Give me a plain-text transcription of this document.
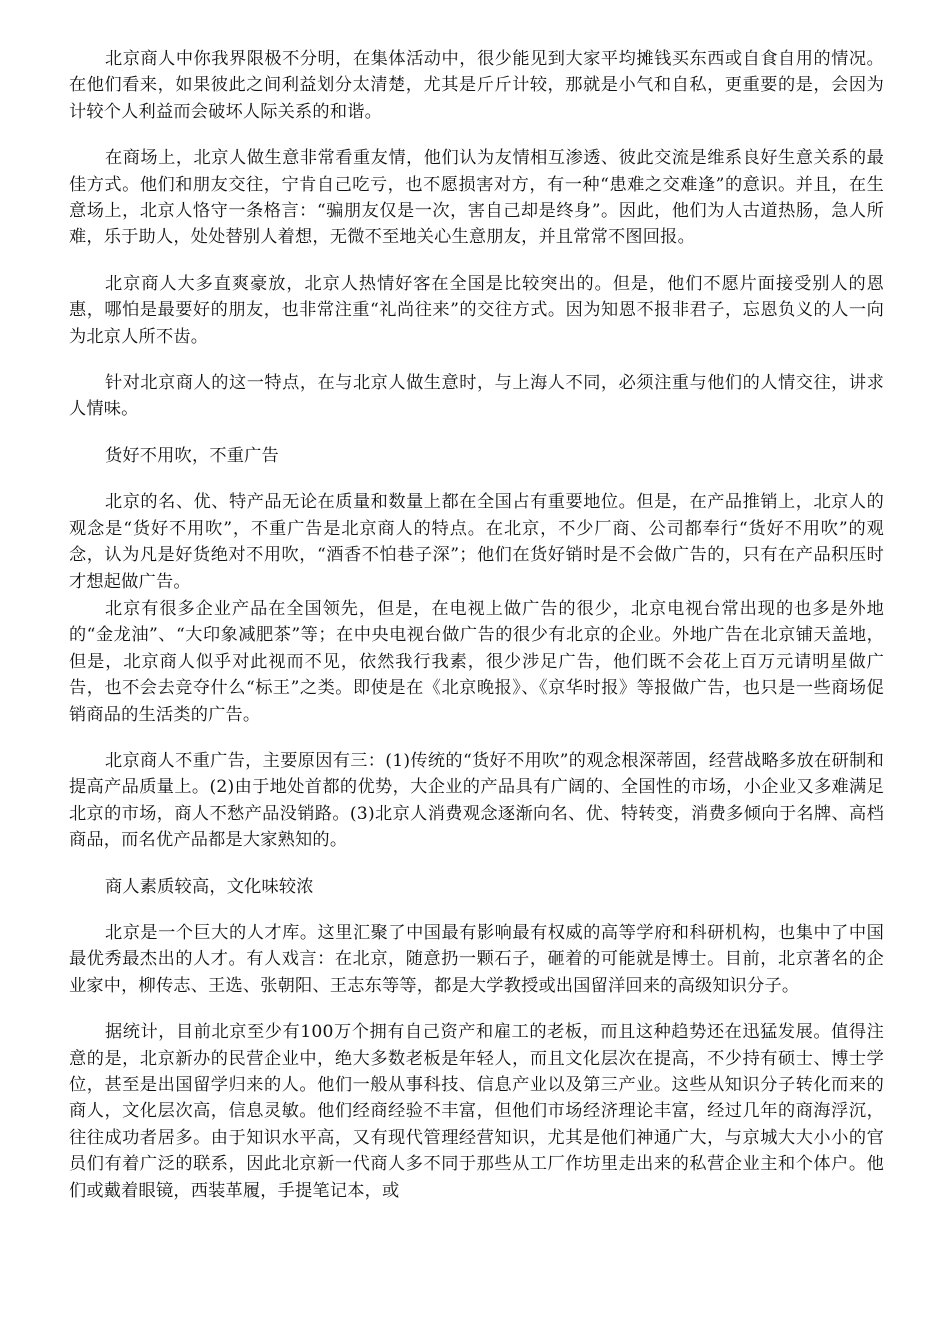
北京商人中你我界限极不分明，在集体活动中，很少能见到大家平均摊钱买东西或自食自用的情况。在他们看来，如果彼此之间利益划分太清楚，尤其是斤斤计较，那就是小气和自私，更重要的是，会因为计较个人利益而会破坏人际关系的和谐。

在商场上，北京人做生意非常看重友情，他们认为友情相互渗透、彼此交流是维系良好生意关系的最佳方式。他们和朋友交往，宁肯自己吃亏，也不愿损害对方，有一种“患难之交难逢”的意识。并且，在生意场上，北京人恪守一条格言：“骗朋友仅是一次，害自己却是终身”。因此，他们为人古道热肠，急人所难，乐于助人，处处替别人着想，无微不至地关心生意朋友，并且常常不图回报。

北京商人大多直爽豪放，北京人热情好客在全国是比较突出的。但是，他们不愿片面接受别人的恩惠，哪怕是最要好的朋友，也非常注重“礼尚往来”的交往方式。因为知恩不报非君子，忘恩负义的人一向为北京人所不齿。

针对北京商人的这一特点，在与北京人做生意时，与上海人不同，必须注重与他们的人情交往，讲求人情味。

货好不用吹，不重广告

北京的名、优、特产品无论在质量和数量上都在全国占有重要地位。但是，在产品推销上，北京人的观念是“货好不用吹”，不重广告是北京商人的特点。在北京，不少厂商、公司都奉行“货好不用吹”的观念，认为凡是好货绝对不用吹，“酒香不怕巷子深”；他们在货好销时是不会做广告的，只有在产品积压时才想起做广告。

北京有很多企业产品在全国领先，但是，在电视上做广告的很少，北京电视台常出现的也多是外地的“金龙油”、“大印象减肥茶”等；在中央电视台做广告的很少有北京的企业。外地广告在北京铺天盖地，但是，北京商人似乎对此视而不见，依然我行我素，很少涉足广告，他们既不会花上百万元请明星做广告，也不会去竞夺什么“标王”之类。即使是在《北京晚报》、《京华时报》等报做广告，也只是一些商场促销商品的生活类的广告。

北京商人不重广告，主要原因有三：(1)传统的“货好不用吹”的观念根深蒂固，经营战略多放在研制和提高产品质量上。(2)由于地处首都的优势，大企业的产品具有广阔的、全国性的市场，小企业又多难满足北京的市场，商人不愁产品没销路。(3)北京人消费观念逐渐向名、优、特转变，消费多倾向于名牌、高档商品，而名优产品都是大家熟知的。

商人素质较高，文化味较浓

北京是一个巨大的人才库。这里汇聚了中国最有影响最有权威的高等学府和科研机构，也集中了中国最优秀最杰出的人才。有人戏言：在北京，随意扔一颗石子，砸着的可能就是博士。目前，北京著名的企业家中，柳传志、王选、张朝阳、王志东等等，都是大学教授或出国留洋回来的高级知识分子。

据统计，目前北京至少有100万个拥有自己资产和雇工的老板，而且这种趋势还在迅猛发展。值得注意的是，北京新办的民营企业中，绝大多数老板是年轻人，而且文化层次在提高，不少持有硕士、博士学位，甚至是出国留学归来的人。他们一般从事科技、信息产业以及第三产业。这些从知识分子转化而来的商人，文化层次高，信息灵敏。他们经商经验不丰富，但他们市场经济理论丰富，经过几年的商海浮沉，往往成功者居多。由于知识水平高，又有现代管理经营知识，尤其是他们神通广大，与京城大大小小的官员们有着广泛的联系，因此北京新一代商人多不同于那些从工厂作坊里走出来的私营企业主和个体户。他们或戴着眼镜，西装革履，手提笔记本，或
